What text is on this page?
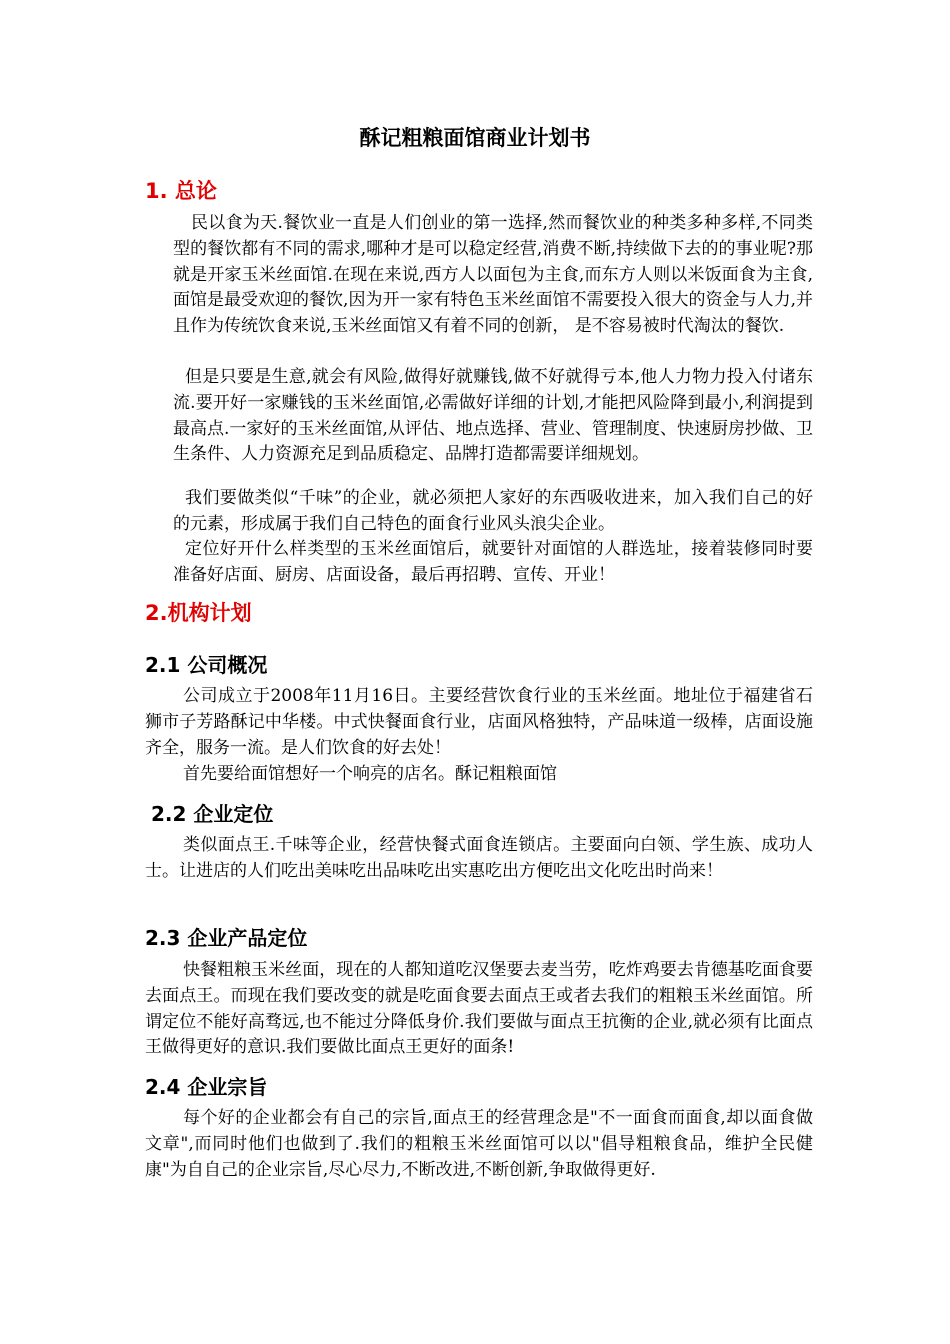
酥记粗粮面馆商业计划书
1. 总论

民以食为天.餐饮业一直是人们创业的第一选择,然而餐饮业的种类多种多样,不同类型的餐饮都有不同的需求,哪种才是可以稳定经营,消费不断,持续做下去的的事业呢?那就是开家玉米丝面馆.在现在来说,西方人以面包为主食,而东方人则以米饭面食为主食,面馆是最受欢迎的餐饮,因为开一家有特色玉米丝面馆不需要投入很大的资金与人力,并且作为传统饮食来说,玉米丝面馆又有着不同的创新， 是不容易被时代淘汰的餐饮.

但是只要是生意,就会有风险,做得好就赚钱,做不好就得亏本,他人力物力投入付诸东流.要开好一家赚钱的玉米丝面馆,必需做好详细的计划,才能把风险降到最小,利润提到最高点.一家好的玉米丝面馆,从评估、地点选择、营业、管理制度、快速厨房抄做、卫生条件、人力资源充足到品质稳定、品牌打造都需要详细规划。

我们要做类似“千味”的企业，就必须把人家好的东西吸收进来，加入我们自己的好的元素，形成属于我们自己特色的面食行业风头浪尖企业。

定位好开什么样类型的玉米丝面馆后，就要针对面馆的人群选址，接着装修同时要准备好店面、厨房、店面设备，最后再招聘、宣传、开业！

2.机构计划
2.1 公司概况

公司成立于2008年11月16日。主要经营饮食行业的玉米丝面。地址位于福建省石狮市子芳路酥记中华楼。中式快餐面食行业，店面风格独特，产品味道一级棒，店面设施齐全，服务一流。是人们饮食的好去处！

首先要给面馆想好一个响亮的店名。酥记粗粮面馆

2.2 企业定位

类似面点王.千味等企业，经营快餐式面食连锁店。主要面向白领、学生族、成功人士。让进店的人们吃出美味吃出品味吃出实惠吃出方便吃出文化吃出时尚来！

2.3 企业产品定位

快餐粗粮玉米丝面，现在的人都知道吃汉堡要去麦当劳，吃炸鸡要去肯德基吃面食要去面点王。而现在我们要改变的就是吃面食要去面点王或者去我们的粗粮玉米丝面馆。所谓定位不能好高骛远,也不能过分降低身价.我们要做与面点王抗衡的企业,就必须有比面点王做得更好的意识.我们要做比面点王更好的面条!

2.4 企业宗旨

每个好的企业都会有自己的宗旨,面点王的经营理念是"不一面食而面食,却以面食做文章",而同时他们也做到了.我们的粗粮玉米丝面馆可以以"倡导粗粮食品，维护全民健康"为自自己的企业宗旨,尽心尽力,不断改进,不断创新,争取做得更好.
